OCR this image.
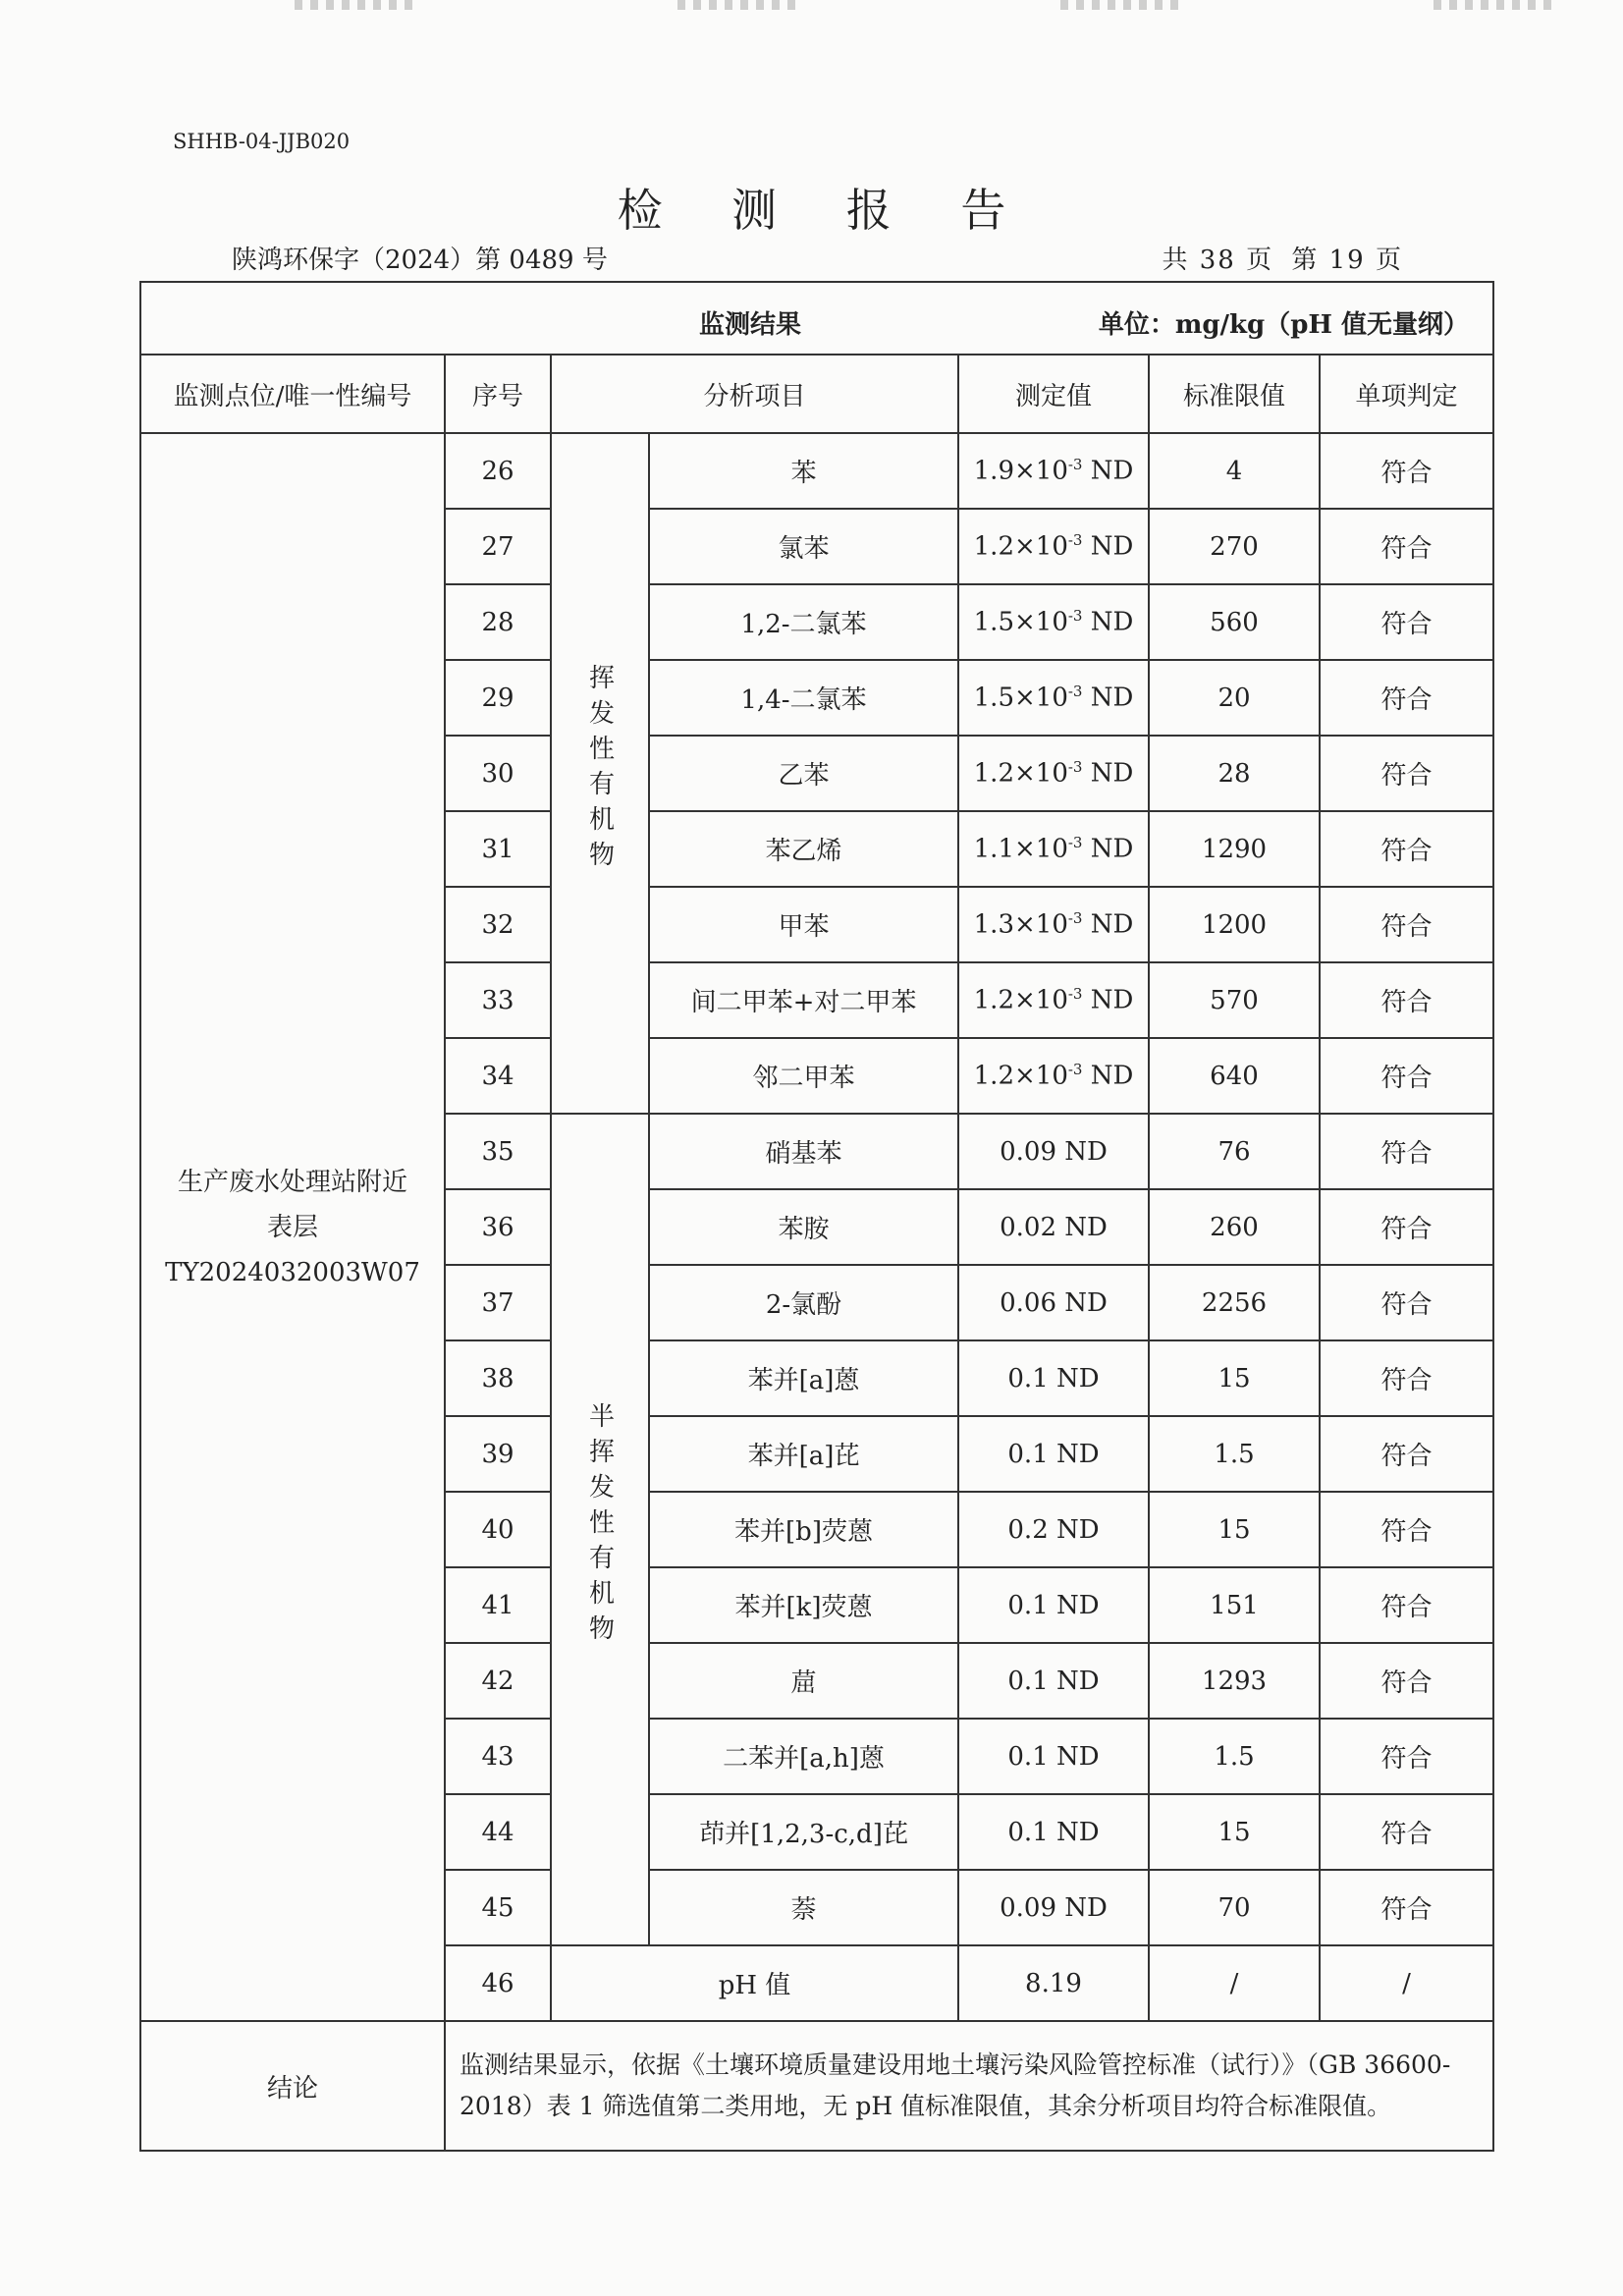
SHHB-04-JJB020
检 测 报 告
陕鸿环保字（2024）第 0489 号	共 38 页 第 19 页
监测结果 单位：mg/kg（pH 值无量纲）						

监测点位/唯一性编号	序号	分析项目		测定值	标准限值	单项判定

生产废水处理站附近
表层
TY2024032003W07	26	挥发性有机物	苯	$1.9\times 10^{-3}$ ND	4	符合
	27		氯苯	$1.2\times 10^{-3}$ ND	270	符合
	28		1,2-二氯苯	$1.5\times 10^{-3}$ ND	560	符合
	29		1,4-二氯苯	$1.5\times 10^{-3}$ ND	20	符合
	30		乙苯	$1.2\times 10^{-3}$ ND	28	符合
	31		苯乙烯	$1.1\times 10^{-3}$ ND	1290	符合
	32		甲苯	$1.3\times 10^{-3}$ ND	1200	符合
	33		间二甲苯+对二甲苯	$1.2\times 10^{-3}$ ND	570	符合
	34		邻二甲苯	$1.2\times 10^{-3}$ ND	640	符合
	35	半挥发性有机物	硝基苯	0.09 ND	76	符合
	36		苯胺	0.02 ND	260	符合
	37		2-氯酚	0.06 ND	2256	符合
	38		苯并[a]蒽	0.1 ND	15	符合
	39		苯并[a]芘	0.1 ND	1.5	符合
	40		苯并[b]荧蒽	0.2 ND	15	符合
	41		苯并[k]荧蒽	0.1 ND	151	符合
	42		䓛	0.1 ND	1293	符合
	43		二苯并[a,h]蒽	0.1 ND	1.5	符合
	44		茚并[1,2,3-c,d]芘	0.1 ND	15	符合
	45		萘	0.09 ND	70	符合
	46	pH 值		8.19	/	/
结论	监测结果显示，依据《土壤环境质量建设用地土壤污染风险管控标准（试行）》（GB 36600-2018）表 1 筛选值第二类用地，无 pH 值标准限值，其余分析项目均符合标准限值。					
